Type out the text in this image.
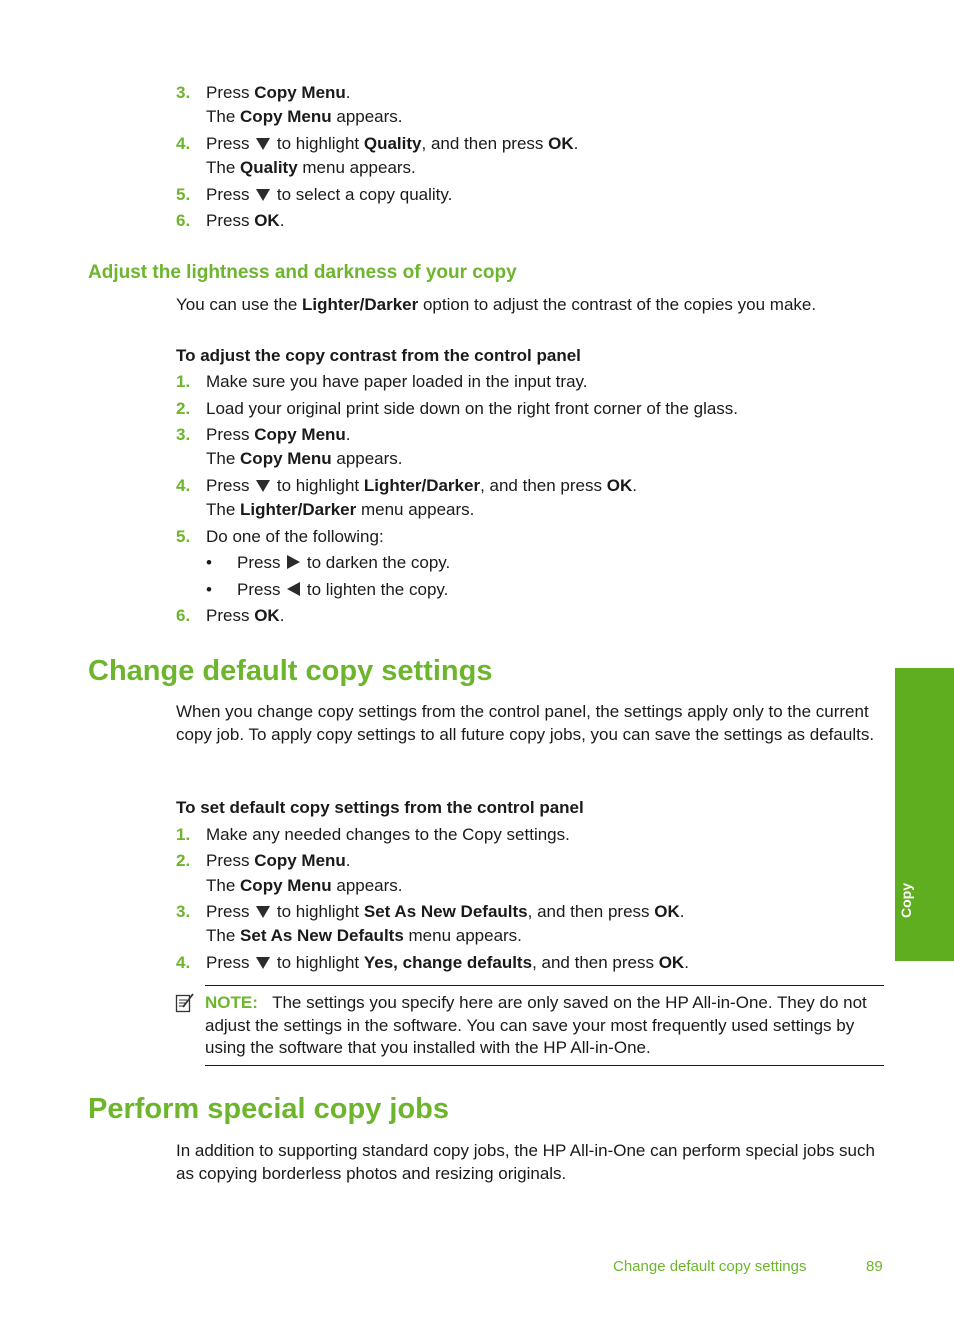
3. Press Copy Menu.
The Copy Menu appears.
4. Press  to highlight Quality, and then press OK.
The Quality menu appears.
5. Press  to select a copy quality.
6. Press OK.
Adjust the lightness and darkness of your copy
You can use the Lighter/Darker option to adjust the contrast of the copies you make.
To adjust the copy contrast from the control panel
1. Make sure you have paper loaded in the input tray.
2. Load your original print side down on the right front corner of the glass.
3. Press Copy Menu.
The Copy Menu appears.
4. Press  to highlight Lighter/Darker, and then press OK.
The Lighter/Darker menu appears.
5. Do one of the following:
• Press  to darken the copy.
• Press  to lighten the copy.
6. Press OK.
Change default copy settings
When you change copy settings from the control panel, the settings apply only to the current copy job. To apply copy settings to all future copy jobs, you can save the settings as defaults.
To set default copy settings from the control panel
1. Make any needed changes to the Copy settings.
2. Press Copy Menu.
The Copy Menu appears.
3. Press  to highlight Set As New Defaults, and then press OK.
The Set As New Defaults menu appears.
4. Press  to highlight Yes, change defaults, and then press OK.
NOTE: The settings you specify here are only saved on the HP All-in-One. They do not adjust the settings in the software. You can save your most frequently used settings by using the software that you installed with the HP All-in-One.
Perform special copy jobs
In addition to supporting standard copy jobs, the HP All-in-One can perform special jobs such as copying borderless photos and resizing originals.
Copy
Change default copy settings	89
